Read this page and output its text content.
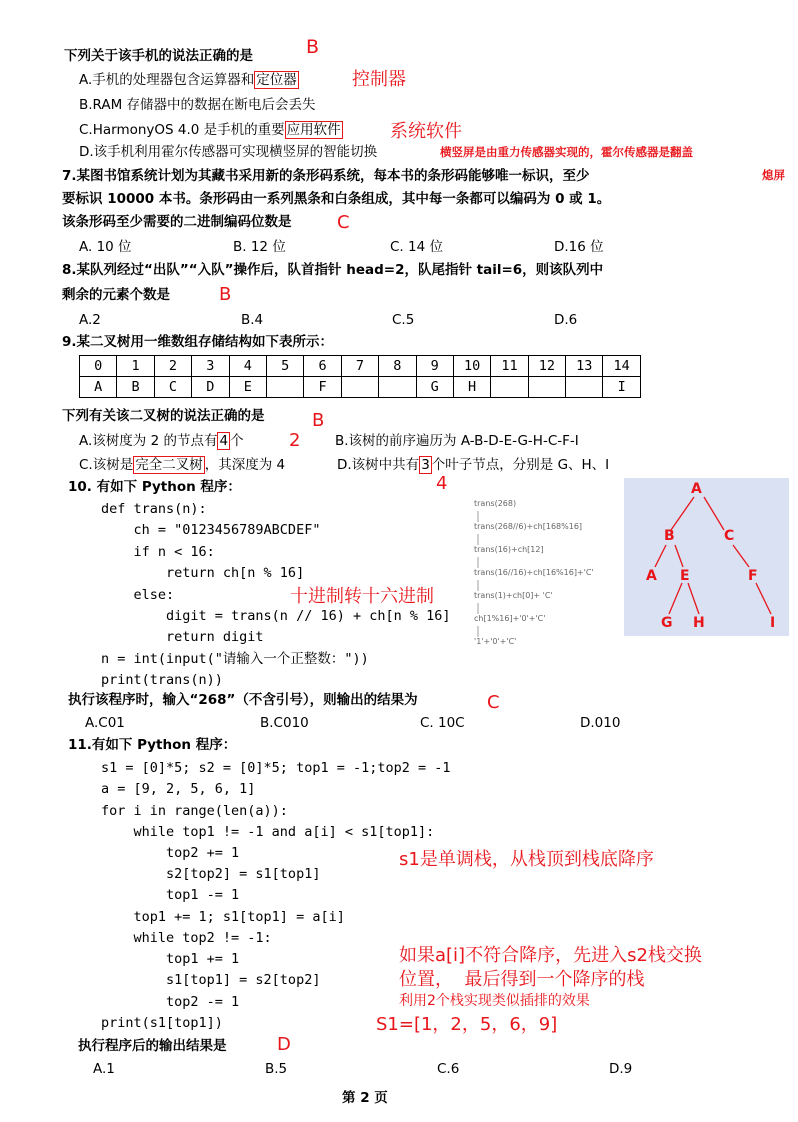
下列关于该手机的说法正确的是	B
A.手机的处理器包含运算器和 定位器	控制器
B.RAM 存储器中的数据在断电后会丢失
C.HarmonyOS 4.0 是手机的重要 应用软件	系统软件
D.该手机利用霍尔传感器可实现横竖屏的智能切换	横竖屏是由重力传感器实现的，霍尔传感器是翻盖
熄屏
7.某图书馆系统计划为其藏书采用新的条形码系统，每本书的条形码能够唯一标识，至少
要标识 10000 本书。条形码由一系列黑条和白条组成，其中每一条都可以编码为 0 或 1。
该条形码至少需要的二进制编码位数是	C
A. 10 位	B. 12 位	C. 14 位	D.16 位
8.某队列经过“出队”“入队”操作后，队首指针 head=2，队尾指针 tail=6，则该队列中
剩余的元素个数是	B
A.2	B.4	C.5	D.6
9.某二叉树用一维数组存储结构如下表所示：
0	1	2	3	4	5	6	7	8	9	10	11	12	13	14
A	B	C	D	E		F			G	H				I
下列有关该二叉树的说法正确的是	B
A.该树度为 2 的节点有 4 个	2	B.该树的前序遍历为 A-B-D-E-G-H-C-F-I
C.该树是 完全二叉树 ，其深度为 4	D.该树中共有 3 个叶子节点，分别是 G、H、I
4
10. 有如下 Python 程序：
def trans(n):
ch = "0123456789ABCDEF"
if n < 16:
return ch[n % 16]
else:
digit = trans(n // 16) + ch[n % 16]
return digit
n = int(input("请输入一个正整数："))
print(trans(n))
十进制转十六进制
trans(268)
trans(268//6)+ch[168%16]
trans(16)+ch[12]
trans(16//16)+ch[16%16]+'C'
trans(1)+ch[0]+ 'C'
ch[1%16]+'0'+'C'
'1'+'0'+'C'
A
B	C
A E	F
G H	I
执行该程序时，输入“268”（不含引号），则输出的结果为	C
A.C01	B.C010	C. 10C	D.010
11.有如下 Python 程序：
s1 = [0]*5; s2 = [0]*5; top1 = -1;top2 = -1
a = [9, 2, 5, 6, 1]
for i in range(len(a)):
while top1 != -1 and a[i] < s1[top1]:
top2 += 1
s2[top2] = s1[top1]
top1 -= 1
top1 += 1; s1[top1] = a[i]
while top2 != -1:
top1 += 1
s1[top1] = s2[top2]
top2 -= 1
print(s1[top1])
s1是单调栈，从栈顶到栈底降序
如果a[i]不符合降序，先进入s2栈交换
位置，  最后得到一个降序的栈
利用2个栈实现类似插排的效果
S1=[1，2，5，6，9]
执行程序后的输出结果是	D
A.1	B.5	C.6	D.9
第 2 页
